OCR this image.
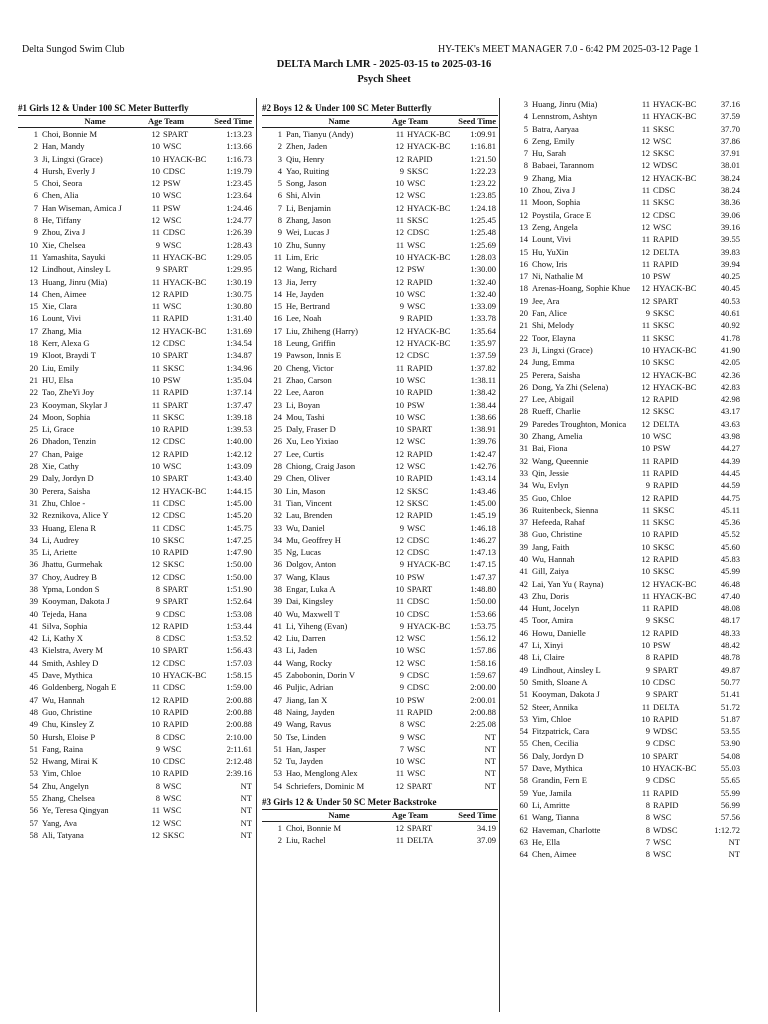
Delta Sungod Swim Club	HY-TEK's MEET MANAGER 7.0 - 6:42 PM 2025-03-12 Page 1
DELTA March LMR - 2025-03-15 to 2025-03-16
Psych Sheet
#1 Girls 12 & Under 100 SC Meter Butterfly
Name	Age Team	Seed Time
1 Choi, Bonnie M	12 SPART	1:13.23
2 Han, Mandy	10 WSC	1:13.66
3 Ji, Lingxi (Grace)	10 HYACK-BC	1:16.73
4 Hursh, Everly J	10 CDSC	1:19.79
5 Choi, Seora	12 PSW	1:23.45
6 Chen, Alia	10 WSC	1:23.64
7 Han Wiseman, Amica J	11 PSW	1:24.46
8 He, Tiffany	12 WSC	1:24.77
9 Zhou, Ziva J	11 CDSC	1:26.39
10 Xie, Chelsea	9 WSC	1:28.43
11 Yamashita, Sayuki	11 HYACK-BC	1:29.05
12 Lindhout, Ainsley L	9 SPART	1:29.95
13 Huang, Jinru (Mia)	11 HYACK-BC	1:30.19
14 Chen, Aimee	12 RAPID	1:30.75
15 Xie, Clara	11 WSC	1:30.80
16 Lount, Vivi	11 RAPID	1:31.40
17 Zhang, Mia	12 HYACK-BC	1:31.69
18 Kerr, Alexa G	12 CDSC	1:34.54
19 Kloot, Braydi T	10 SPART	1:34.87
20 Liu, Emily	11 SKSC	1:34.96
21 HU, Elsa	10 PSW	1:35.04
22 Tao, ZheYi Joy	11 RAPID	1:37.14
23 Kooyman, Skylar J	11 SPART	1:37.47
24 Moon, Sophia	11 SKSC	1:39.18
25 Li, Grace	10 RAPID	1:39.53
26 Dhadon, Tenzin	12 CDSC	1:40.00
27 Chan, Paige	12 RAPID	1:42.12
28 Xie, Cathy	10 WSC	1:43.09
29 Daly, Jordyn D	10 SPART	1:43.40
30 Perera, Saisha	12 HYACK-BC	1:44.15
31 Zhu, Chloe -	11 CDSC	1:45.00
32 Reznikova, Alice Y	12 CDSC	1:45.20
33 Huang, Elena R	11 CDSC	1:45.75
34 Li, Audrey	10 SKSC	1:47.25
35 Li, Ariette	10 RAPID	1:47.90
36 Jhattu, Gurmehak	12 SKSC	1:50.00
37 Choy, Audrey B	12 CDSC	1:50.00
38 Ypma, London S	8 SPART	1:51.90
39 Kooyman, Dakota J	9 SPART	1:52.64
40 Tejeda, Hana	9 CDSC	1:53.08
41 Silva, Sophia	12 RAPID	1:53.44
42 Li, Kathy X	8 CDSC	1:53.52
43 Kielstra, Avery M	10 SPART	1:56.43
44 Smith, Ashley D	12 CDSC	1:57.03
45 Dave, Mythica	10 HYACK-BC	1:58.15
46 Goldenberg, Nogah E	11 CDSC	1:59.00
47 Wu, Hannah	12 RAPID	2:00.88
48 Guo, Christine	10 RAPID	2:00.88
49 Chu, Kinsley Z	10 RAPID	2:00.88
50 Hursh, Eloise P	8 CDSC	2:10.00
51 Fang, Raina	9 WSC	2:11.61
52 Hwang, Mirai K	10 CDSC	2:12.48
53 Yim, Chloe	10 RAPID	2:39.16
54 Zhu, Angelyn	8 WSC	NT
55 Zhang, Chelsea	8 WSC	NT
56 Ye, Teresa Qingyan	11 WSC	NT
57 Yang, Ava	12 WSC	NT
58 Ali, Tatyana	12 SKSC	NT
#2 Boys 12 & Under 100 SC Meter Butterfly
Name	Age Team	Seed Time
1 Pan, Tianyu (Andy)	11 HYACK-BC	1:09.91
2 Zhen, Jaden	12 HYACK-BC	1:16.81
3 Qiu, Henry	12 RAPID	1:21.50
4 Yao, Ruiting	9 SKSC	1:22.23
5 Song, Jason	10 WSC	1:23.22
6 Shi, Alvin	12 WSC	1:23.85
7 Li, Benjamin	12 HYACK-BC	1:24.18
8 Zhang, Jason	11 SKSC	1:25.45
9 Wei, Lucas J	12 CDSC	1:25.48
10 Zhu, Sunny	11 WSC	1:25.69
11 Lim, Eric	10 HYACK-BC	1:28.03
12 Wang, Richard	12 PSW	1:30.00
13 Jia, Jerry	12 RAPID	1:32.40
14 He, Jayden	10 WSC	1:32.40
15 He, Bertrand	9 WSC	1:33.09
16 Lee, Noah	9 RAPID	1:33.78
17 Liu, Zhiheng (Harry)	12 HYACK-BC	1:35.64
18 Leung, Griffin	12 HYACK-BC	1:35.97
19 Pawson, Innis E	12 CDSC	1:37.59
20 Cheng, Victor	11 RAPID	1:37.82
21 Zhao, Carson	10 WSC	1:38.11
22 Lee, Aaron	10 RAPID	1:38.42
23 Li, Boyan	10 PSW	1:38.44
24 Mou, Tashi	10 WSC	1:38.66
25 Daly, Fraser D	10 SPART	1:38.91
26 Xu, Leo Yixiao	12 WSC	1:39.76
27 Lee, Curtis	12 RAPID	1:42.47
28 Chiong, Craig Jason	12 WSC	1:42.76
29 Chen, Oliver	10 RAPID	1:43.14
30 Lin, Mason	12 SKSC	1:43.46
31 Tian, Vincent	12 SKSC	1:45.00
32 Lau, Brenden	12 RAPID	1:45.19
33 Wu, Daniel	9 WSC	1:46.18
34 Mu, Geoffrey H	12 CDSC	1:46.27
35 Ng, Lucas	12 CDSC	1:47.13
36 Dolgov, Anton	9 HYACK-BC	1:47.15
37 Wang, Klaus	10 PSW	1:47.37
38 Engar, Luka A	10 SPART	1:48.80
39 Dai, Kingsley	11 CDSC	1:50.00
40 Wu, Maxwell T	10 CDSC	1:53.66
41 Li, Yiheng (Evan)	9 HYACK-BC	1:53.75
42 Liu, Darren	12 WSC	1:56.12
43 Li, Jaden	10 WSC	1:57.86
44 Wang, Rocky	12 WSC	1:58.16
45 Zabobonin, Dorin V	9 CDSC	1:59.67
46 Puljic, Adrian	9 CDSC	2:00.00
47 Jiang, Ian X	10 PSW	2:00.01
48 Naing, Jayden	11 RAPID	2:00.88
49 Wang, Ravus	8 WSC	2:25.08
50 Tse, Linden	9 WSC	NT
51 Han, Jasper	7 WSC	NT
52 Tu, Jayden	10 WSC	NT
53 Hao, Menglong Alex	11 WSC	NT
54 Schriefers, Dominic M	12 SPART	NT
#3 Girls 12 & Under 50 SC Meter Backstroke
Name	Age Team	Seed Time
1 Choi, Bonnie M	12 SPART	34.19
2 Liu, Rachel	11 DELTA	37.09
3 Huang, Jinru (Mia)	11 HYACK-BC	37.16
4 Lennstrom, Ashtyn	11 HYACK-BC	37.59
5 Batra, Aaryaa	11 SKSC	37.70
6 Zeng, Emily	12 WSC	37.86
7 Hu, Sarah	12 SKSC	37.91
8 Babaei, Tarannom	12 WDSC	38.01
9 Zhang, Mia	12 HYACK-BC	38.24
10 Zhou, Ziva J	11 CDSC	38.24
11 Moon, Sophia	11 SKSC	38.36
12 Poystila, Grace E	12 CDSC	39.06
13 Zeng, Angela	12 WSC	39.16
14 Lount, Vivi	11 RAPID	39.55
15 Hu, YuXin	12 DELTA	39.83
16 Chow, Iris	11 RAPID	39.94
17 Ni, Nathalie M	10 PSW	40.25
18 Arenas-Hoang, Sophie Khue	12 HYACK-BC	40.45
19 Jee, Ara	12 SPART	40.53
20 Fan, Alice	9 SKSC	40.61
21 Shi, Melody	11 SKSC	40.92
22 Toor, Elayna	11 SKSC	41.78
23 Ji, Lingxi (Grace)	10 HYACK-BC	41.90
24 Jung, Emma	10 SKSC	42.05
25 Perera, Saisha	12 HYACK-BC	42.36
26 Dong, Ya Zhi (Selena)	12 HYACK-BC	42.83
27 Lee, Abigail	12 RAPID	42.98
28 Rueff, Charlie	12 SKSC	43.17
29 Paredes Troughton, Monica	12 DELTA	43.63
30 Zhang, Amelia	10 WSC	43.98
31 Bai, Fiona	10 PSW	44.27
32 Wang, Queennie	11 RAPID	44.39
33 Qin, Jessie	11 RAPID	44.45
34 Wu, Evlyn	9 RAPID	44.59
35 Guo, Chloe	12 RAPID	44.75
36 Ruitenbeck, Sienna	11 SKSC	45.11
37 Hefeeda, Rahaf	11 SKSC	45.36
38 Guo, Christine	10 RAPID	45.52
39 Jang, Faith	10 SKSC	45.60
40 Wu, Hannah	12 RAPID	45.83
41 Gill, Zaiya	10 SKSC	45.99
42 Lai, Yan Yu ( Rayna)	12 HYACK-BC	46.48
43 Zhu, Doris	11 HYACK-BC	47.40
44 Hunt, Jocelyn	11 RAPID	48.08
45 Toor, Amira	9 SKSC	48.17
46 Howu, Danielle	12 RAPID	48.33
47 Li, Xinyi	10 PSW	48.42
48 Li, Claire	8 RAPID	48.78
49 Lindhout, Ainsley L	9 SPART	49.87
50 Smith, Sloane A	10 CDSC	50.77
51 Kooyman, Dakota J	9 SPART	51.41
52 Steer, Annika	11 DELTA	51.72
53 Yim, Chloe	10 RAPID	51.87
54 Fitzpatrick, Cara	9 WDSC	53.55
55 Chen, Cecilia	9 CDSC	53.90
56 Daly, Jordyn D	10 SPART	54.08
57 Dave, Mythica	10 HYACK-BC	55.03
58 Grandin, Fern E	9 CDSC	55.65
59 Yue, Jamila	11 RAPID	55.99
60 Li, Amritte	8 RAPID	56.99
61 Wang, Tianna	8 WSC	57.56
62 Haveman, Charlotte	8 WDSC	1:12.72
63 He, Ella	7 WSC	NT
64 Chen, Aimee	8 WSC	NT
